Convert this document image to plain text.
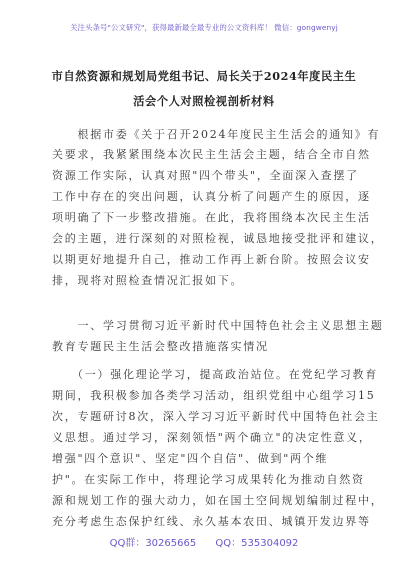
关注头条号"公文研究"，获得最新最全最专业的公文资料库！ 微信：gongwenyj
市自然资源和规划局党组书记、局长关于2024年度民主生
活会个人对照检视剖析材料
　　根据市委《关于召开2024年度民主生活会的通知》有
关要求，我紧紧围绕本次民主生活会主题，结合全市自然
资源工作实际，认真对照"四个带头"，全面深入查摆了
工作中存在的突出问题，认真分析了问题产生的原因，逐
项明确了下一步整改措施。在此，我将围绕本次民主生活
会的主题，进行深刻的对照检视，诚恳地接受批评和建议，
以期更好地提升自己，推动工作再上新台阶。按照会议安
排，现将对照检查情况汇报如下。
　　一、学习贯彻习近平新时代中国特色社会主义思想主题
教育专题民主生活会整改措施落实情况
　　（一）强化理论学习，提高政治站位。在党纪学习教育
期间，我积极参加各类学习活动，组织党组中心组学习15
次，专题研讨8次，深入学习习近平新时代中国特色社会主
义思想。通过学习，深刻领悟"两个确立"的决定性意义，
增强"四个意识"、坚定"四个自信"、做到"两个维
护"。在实际工作中，将理论学习成果转化为推动自然资
源和规划工作的强大动力，如在国土空间规划编制过程中，
充分考虑生态保护红线、永久基本农田、城镇开发边界等
QQ群：30265665 QQ：535304092
